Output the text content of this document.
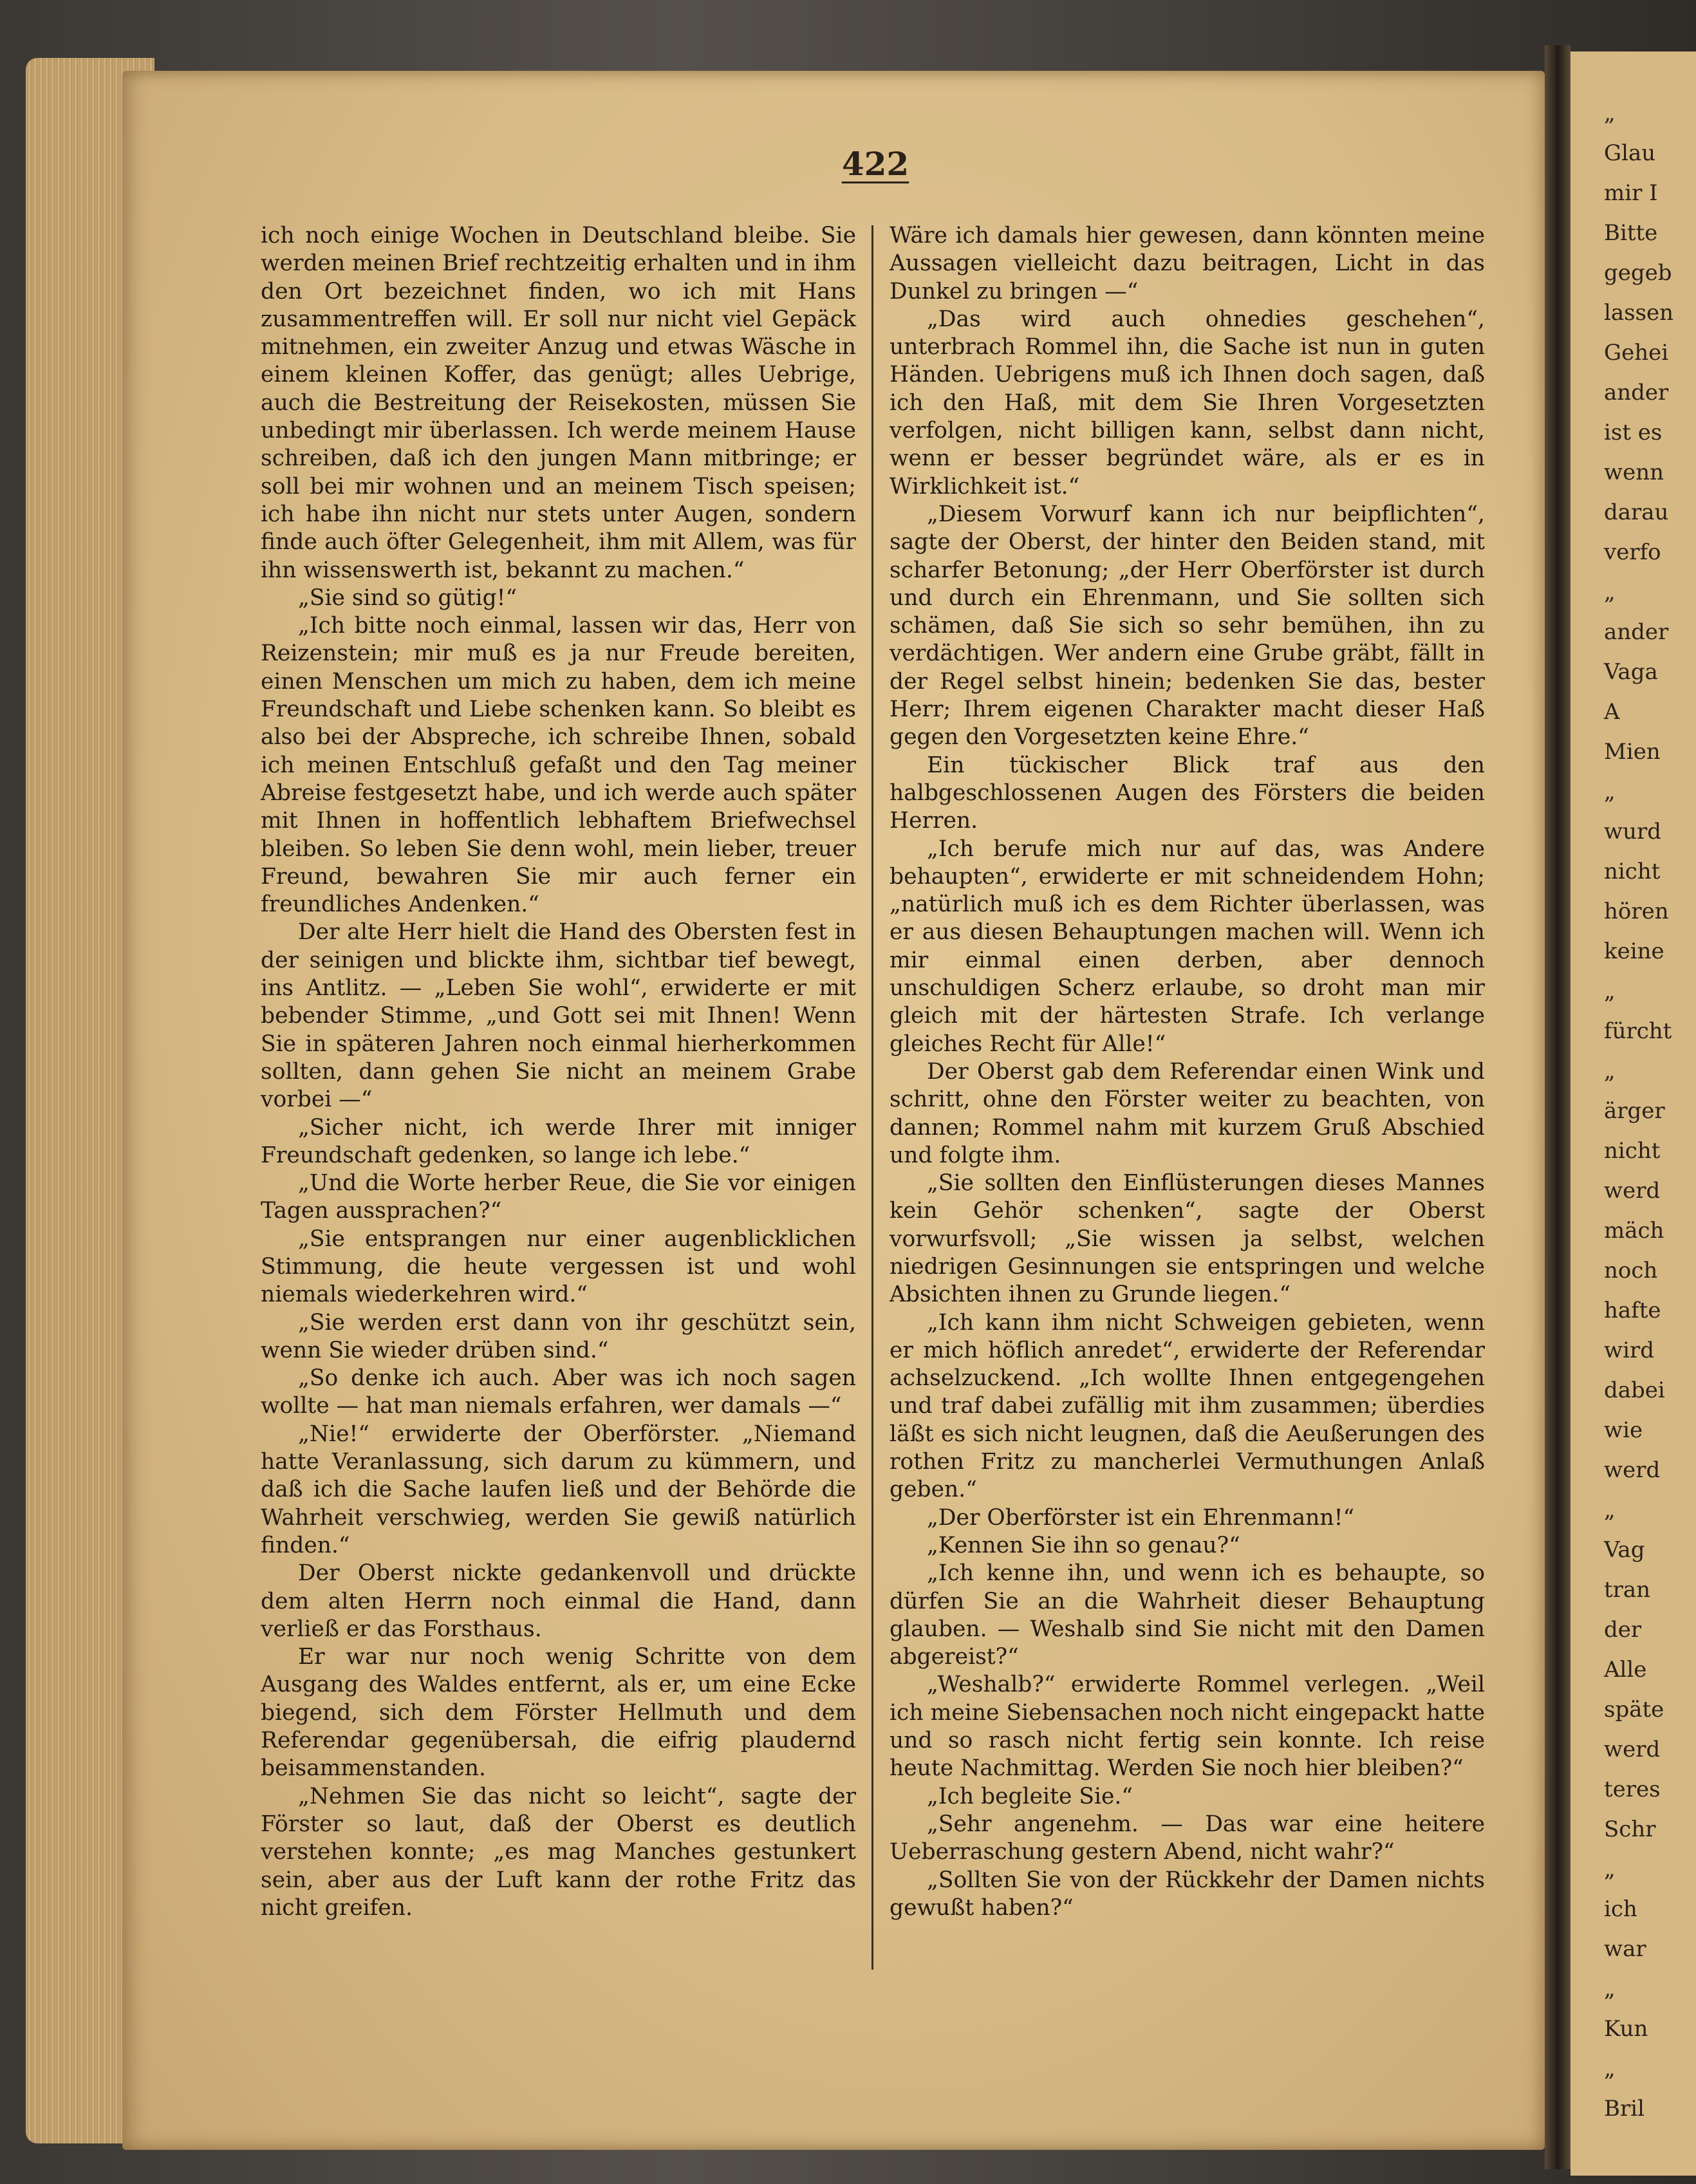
„
Glau
mir I
Bitte
gegeb
lassen
Gehei
ander
ist es
wenn
darau
verfo
„
ander
Vaga
A
Mien
„
wurd
nicht
hören
keine
„
fürcht
„
ärger
nicht
werd
mäch
noch
hafte
wird
dabei
wie
werd
„
Vag
tran
der
Alle
späte
werd
teres
Schr
„
ich
war
„
Kun
„
Bril
422

ich noch einige Wochen in Deutschland bleibe. Sie werden meinen Brief rechtzeitig erhalten und in ihm den Ort bezeichnet finden, wo ich mit Hans zusammentreffen will. Er soll nur nicht viel Gepäck mitnehmen, ein zweiter Anzug und etwas Wäsche in einem kleinen Koffer, das genügt; alles Uebrige, auch die Bestreitung der Reisekosten, müssen Sie unbedingt mir überlassen. Ich werde meinem Hause schreiben, daß ich den jungen Mann mitbringe; er soll bei mir wohnen und an meinem Tisch speisen; ich habe ihn nicht nur stets unter Augen, sondern finde auch öfter Gelegenheit, ihm mit Allem, was für ihn wissenswerth ist, bekannt zu machen.“

„Sie sind so gütig!“

„Ich bitte noch einmal, lassen wir das, Herr von Reizenstein; mir muß es ja nur Freude bereiten, einen Menschen um mich zu haben, dem ich meine Freundschaft und Liebe schenken kann. So bleibt es also bei der Abspreche, ich schreibe Ihnen, sobald ich meinen Entschluß gefaßt und den Tag meiner Abreise festgesetzt habe, und ich werde auch später mit Ihnen in hoffentlich lebhaftem Briefwechsel bleiben. So leben Sie denn wohl, mein lieber, treuer Freund, bewahren Sie mir auch ferner ein freundliches Andenken.“

Der alte Herr hielt die Hand des Obersten fest in der seinigen und blickte ihm, sichtbar tief bewegt, ins Antlitz. — „Leben Sie wohl“, erwiderte er mit bebender Stimme, „und Gott sei mit Ihnen! Wenn Sie in späteren Jahren noch einmal hierherkommen sollten, dann gehen Sie nicht an meinem Grabe vorbei —“

„Sicher nicht, ich werde Ihrer mit inniger Freundschaft gedenken, so lange ich lebe.“

„Und die Worte herber Reue, die Sie vor einigen Tagen aussprachen?“

„Sie entsprangen nur einer augenblicklichen Stimmung, die heute vergessen ist und wohl niemals wiederkehren wird.“

„Sie werden erst dann von ihr geschützt sein, wenn Sie wieder drüben sind.“

„So denke ich auch. Aber was ich noch sagen wollte — hat man niemals erfahren, wer damals —“

„Nie!“ erwiderte der Oberförster. „Niemand hatte Veranlassung, sich darum zu kümmern, und daß ich die Sache laufen ließ und der Behörde die Wahrheit verschwieg, werden Sie gewiß natürlich finden.“

Der Oberst nickte gedankenvoll und drückte dem alten Herrn noch einmal die Hand, dann verließ er das Forsthaus.

Er war nur noch wenig Schritte von dem Ausgang des Waldes entfernt, als er, um eine Ecke biegend, sich dem Förster Hellmuth und dem Referendar gegenübersah, die eifrig plaudernd beisammenstanden.

„Nehmen Sie das nicht so leicht“, sagte der Förster so laut, daß der Oberst es deutlich verstehen konnte; „es mag Manches gestunkert sein, aber aus der Luft kann der rothe Fritz das nicht greifen.

Wäre ich damals hier gewesen, dann könnten meine Aussagen vielleicht dazu beitragen, Licht in das Dunkel zu bringen —“

„Das wird auch ohnedies geschehen“, unterbrach Rommel ihn, die Sache ist nun in guten Händen. Uebrigens muß ich Ihnen doch sagen, daß ich den Haß, mit dem Sie Ihren Vorgesetzten verfolgen, nicht billigen kann, selbst dann nicht, wenn er besser begründet wäre, als er es in Wirklichkeit ist.“

„Diesem Vorwurf kann ich nur beipflichten“, sagte der Oberst, der hinter den Beiden stand, mit scharfer Betonung; „der Herr Oberförster ist durch und durch ein Ehrenmann, und Sie sollten sich schämen, daß Sie sich so sehr bemühen, ihn zu verdächtigen. Wer andern eine Grube gräbt, fällt in der Regel selbst hinein; bedenken Sie das, bester Herr; Ihrem eigenen Charakter macht dieser Haß gegen den Vorgesetzten keine Ehre.“

Ein tückischer Blick traf aus den halbgeschlossenen Augen des Försters die beiden Herren.

„Ich berufe mich nur auf das, was Andere behaupten“, erwiderte er mit schneidendem Hohn; „natürlich muß ich es dem Richter überlassen, was er aus diesen Behauptungen machen will. Wenn ich mir einmal einen derben, aber dennoch unschuldigen Scherz erlaube, so droht man mir gleich mit der härtesten Strafe. Ich verlange gleiches Recht für Alle!“

Der Oberst gab dem Referendar einen Wink und schritt, ohne den Förster weiter zu beachten, von dannen; Rommel nahm mit kurzem Gruß Abschied und folgte ihm.

„Sie sollten den Einflüsterungen dieses Mannes kein Gehör schenken“, sagte der Oberst vorwurfsvoll; „Sie wissen ja selbst, welchen niedrigen Gesinnungen sie entspringen und welche Absichten ihnen zu Grunde liegen.“

„Ich kann ihm nicht Schweigen gebieten, wenn er mich höflich anredet“, erwiderte der Referendar achselzuckend. „Ich wollte Ihnen entgegengehen und traf dabei zufällig mit ihm zusammen; überdies läßt es sich nicht leugnen, daß die Aeußerungen des rothen Fritz zu mancherlei Vermuthungen Anlaß geben.“

„Der Oberförster ist ein Ehrenmann!“

„Kennen Sie ihn so genau?“

„Ich kenne ihn, und wenn ich es behaupte, so dürfen Sie an die Wahrheit dieser Behauptung glauben. — Weshalb sind Sie nicht mit den Damen abgereist?“

„Weshalb?“ erwiderte Rommel verlegen. „Weil ich meine Siebensachen noch nicht eingepackt hatte und so rasch nicht fertig sein konnte. Ich reise heute Nachmittag. Werden Sie noch hier bleiben?“

„Ich begleite Sie.“

„Sehr angenehm. — Das war eine heitere Ueberraschung gestern Abend, nicht wahr?“

„Sollten Sie von der Rückkehr der Damen nichts gewußt haben?“
